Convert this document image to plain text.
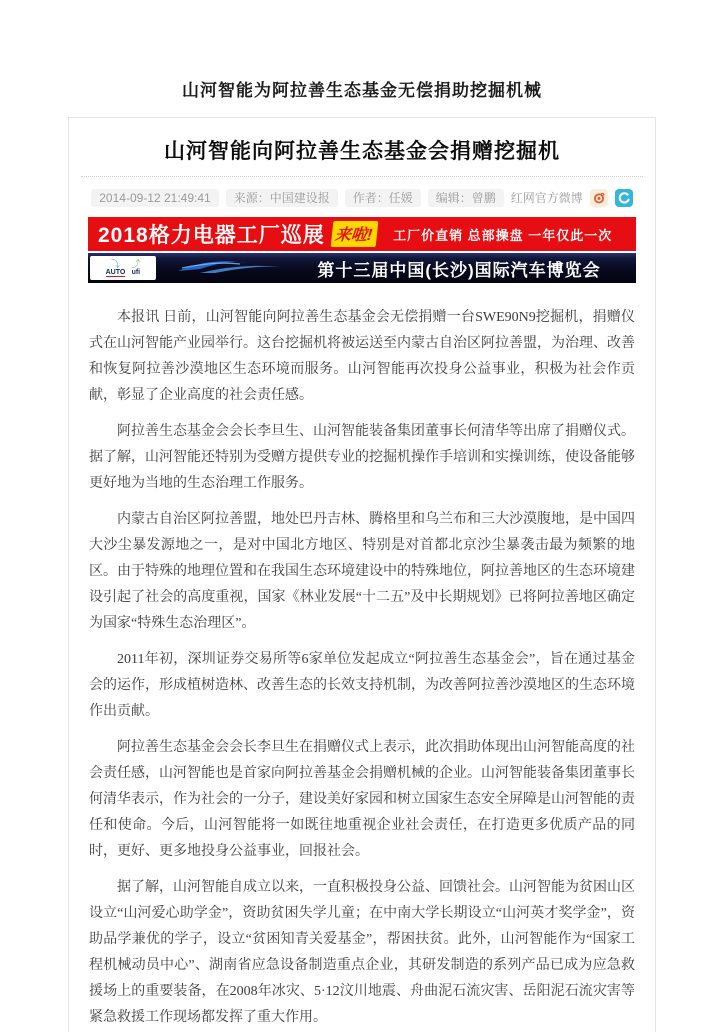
山河智能为阿拉善生态基金无偿捐助挖掘机械
山河智能向阿拉善生态基金会捐赠挖掘机
2014-09-12 21:49:41	来源：中国建设报	作者：任媛	编辑：曾鹏	红网官方微博
2018格力电器工厂巡展 来啦!	工厂价直销 总部操盘 一年仅此一次
⤵
AUTO
⤴
ufi	第十三届中国(长沙)国际汽车博览会

本报讯 日前，山河智能向阿拉善生态基金会无偿捐赠一台SWE90N9挖掘机，捐赠仪式在山河智能产业园举行。这台挖掘机将被运送至内蒙古自治区阿拉善盟，为治理、改善和恢复阿拉善沙漠地区生态环境而服务。山河智能再次投身公益事业，积极为社会作贡献，彰显了企业高度的社会责任感。

阿拉善生态基金会会长李旦生、山河智能装备集团董事长何清华等出席了捐赠仪式。据了解，山河智能还特别为受赠方提供专业的挖掘机操作手培训和实操训练，使设备能够更好地为当地的生态治理工作服务。

内蒙古自治区阿拉善盟，地处巴丹吉林、腾格里和乌兰布和三大沙漠腹地，是中国四大沙尘暴发源地之一，是对中国北方地区、特别是对首都北京沙尘暴袭击最为频繁的地区。由于特殊的地理位置和在我国生态环境建设中的特殊地位，阿拉善地区的生态环境建设引起了社会的高度重视，国家《林业发展“十二五”及中长期规划》已将阿拉善地区确定为国家“特殊生态治理区”。

2011年初，深圳证券交易所等6家单位发起成立“阿拉善生态基金会”，旨在通过基金会的运作，形成植树造林、改善生态的长效支持机制，为改善阿拉善沙漠地区的生态环境作出贡献。

阿拉善生态基金会会长李旦生在捐赠仪式上表示，此次捐助体现出山河智能高度的社会责任感，山河智能也是首家向阿拉善基金会捐赠机械的企业。山河智能装备集团董事长何清华表示，作为社会的一分子，建设美好家园和树立国家生态安全屏障是山河智能的责任和使命。今后，山河智能将一如既往地重视企业社会责任，在打造更多优质产品的同时，更好、更多地投身公益事业，回报社会。

据了解，山河智能自成立以来，一直积极投身公益、回馈社会。山河智能为贫困山区设立“山河爱心助学金”，资助贫困失学儿童；在中南大学长期设立“山河英才奖学金”，资助品学兼优的学子，设立“贫困知青关爱基金”，帮困扶贫。此外，山河智能作为“国家工程机械动员中心”、湖南省应急设备制造重点企业，其研发制造的系列产品已成为应急救援场上的重要装备，在2008年冰灾、5·12汶川地震、舟曲泥石流灾害、岳阳泥石流灾害等紧急救援工作现场都发挥了重大作用。
